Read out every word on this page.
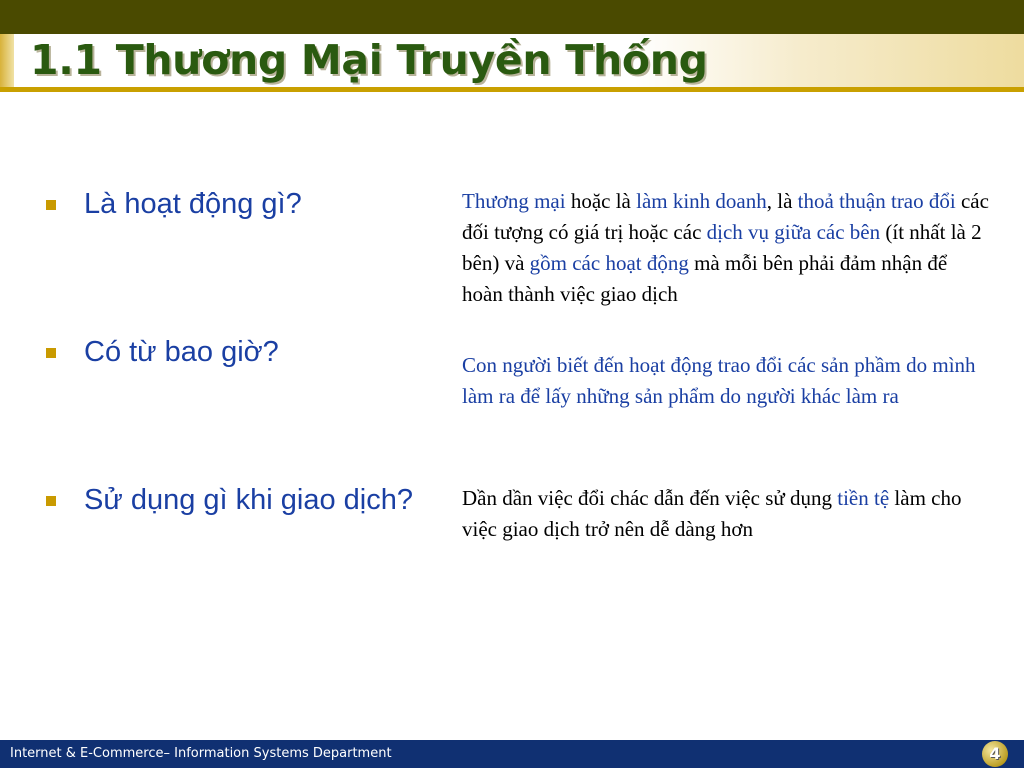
1.1 Thương Mại Truyền Thống
Là hoạt động gì?
Có từ bao giờ?
Sử dụng gì khi giao dịch?

Thương mại hoặc là làm kinh doanh, là thoả thuận trao đổi các đối tượng có giá trị hoặc các dịch vụ giữa các bên (ít nhất là 2 bên) và gồm các hoạt động mà mỗi bên phải đảm nhận để hoàn thành việc giao dịch

Con người biết đến hoạt động trao đổi các sản phầm do mình làm ra để lấy những sản phẩm do người khác làm ra

Dần dần việc đổi chác dẫn đến việc sử dụng tiền tệ làm cho việc giao dịch trở nên dễ dàng hơn

Internet & E-Commerce– Information Systems Department	4
